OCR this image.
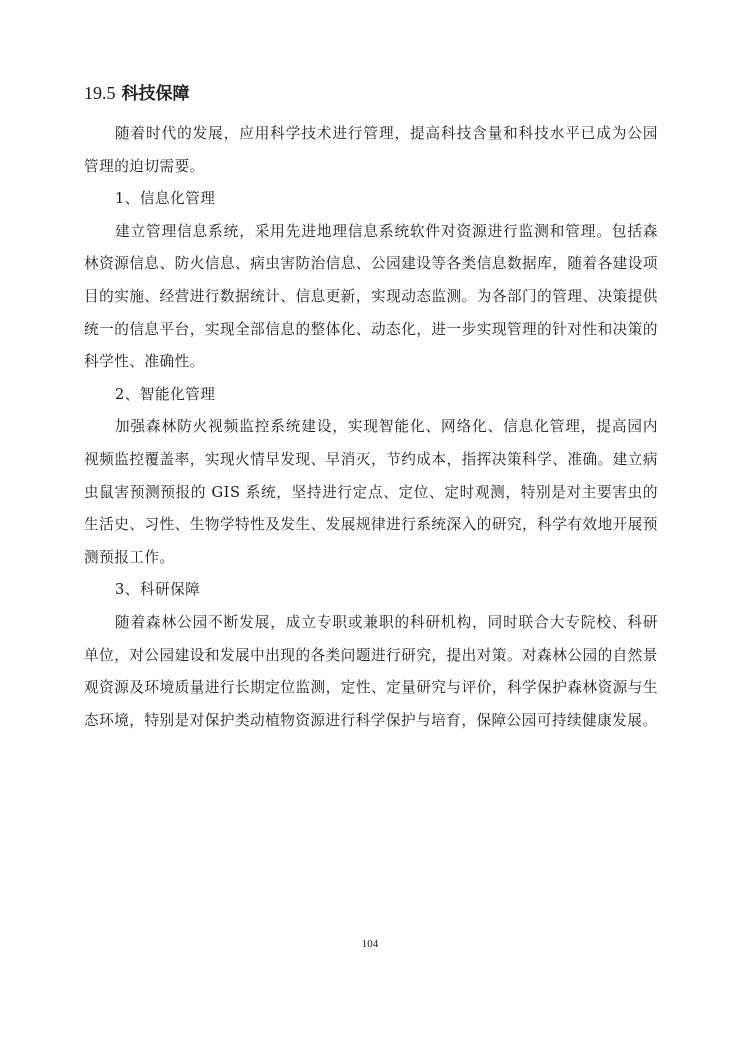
19.5 科技保障

随着时代的发展，应用科学技术进行管理，提高科技含量和科技水平已成为公园管理的迫切需要。

1、信息化管理

建立管理信息系统，采用先进地理信息系统软件对资源进行监测和管理。包括森林资源信息、防火信息、病虫害防治信息、公园建设等各类信息数据库，随着各建设项目的实施、经营进行数据统计、信息更新，实现动态监测。为各部门的管理、决策提供统一的信息平台，实现全部信息的整体化、动态化，进一步实现管理的针对性和决策的科学性、准确性。

2、智能化管理

加强森林防火视频监控系统建设，实现智能化、网络化、信息化管理，提高园内视频监控覆盖率，实现火情早发现、早消灭，节约成本，指挥决策科学、准确。建立病虫鼠害预测预报的 GIS 系统，坚持进行定点、定位、定时观测，特别是对主要害虫的生活史、习性、生物学特性及发生、发展规律进行系统深入的研究，科学有效地开展预测预报工作。

3、科研保障

随着森林公园不断发展，成立专职或兼职的科研机构，同时联合大专院校、科研单位，对公园建设和发展中出现的各类问题进行研究，提出对策。对森林公园的自然景观资源及环境质量进行长期定位监测，定性、定量研究与评价，科学保护森林资源与生态环境，特别是对保护类动植物资源进行科学保护与培育，保障公园可持续健康发展。

104
